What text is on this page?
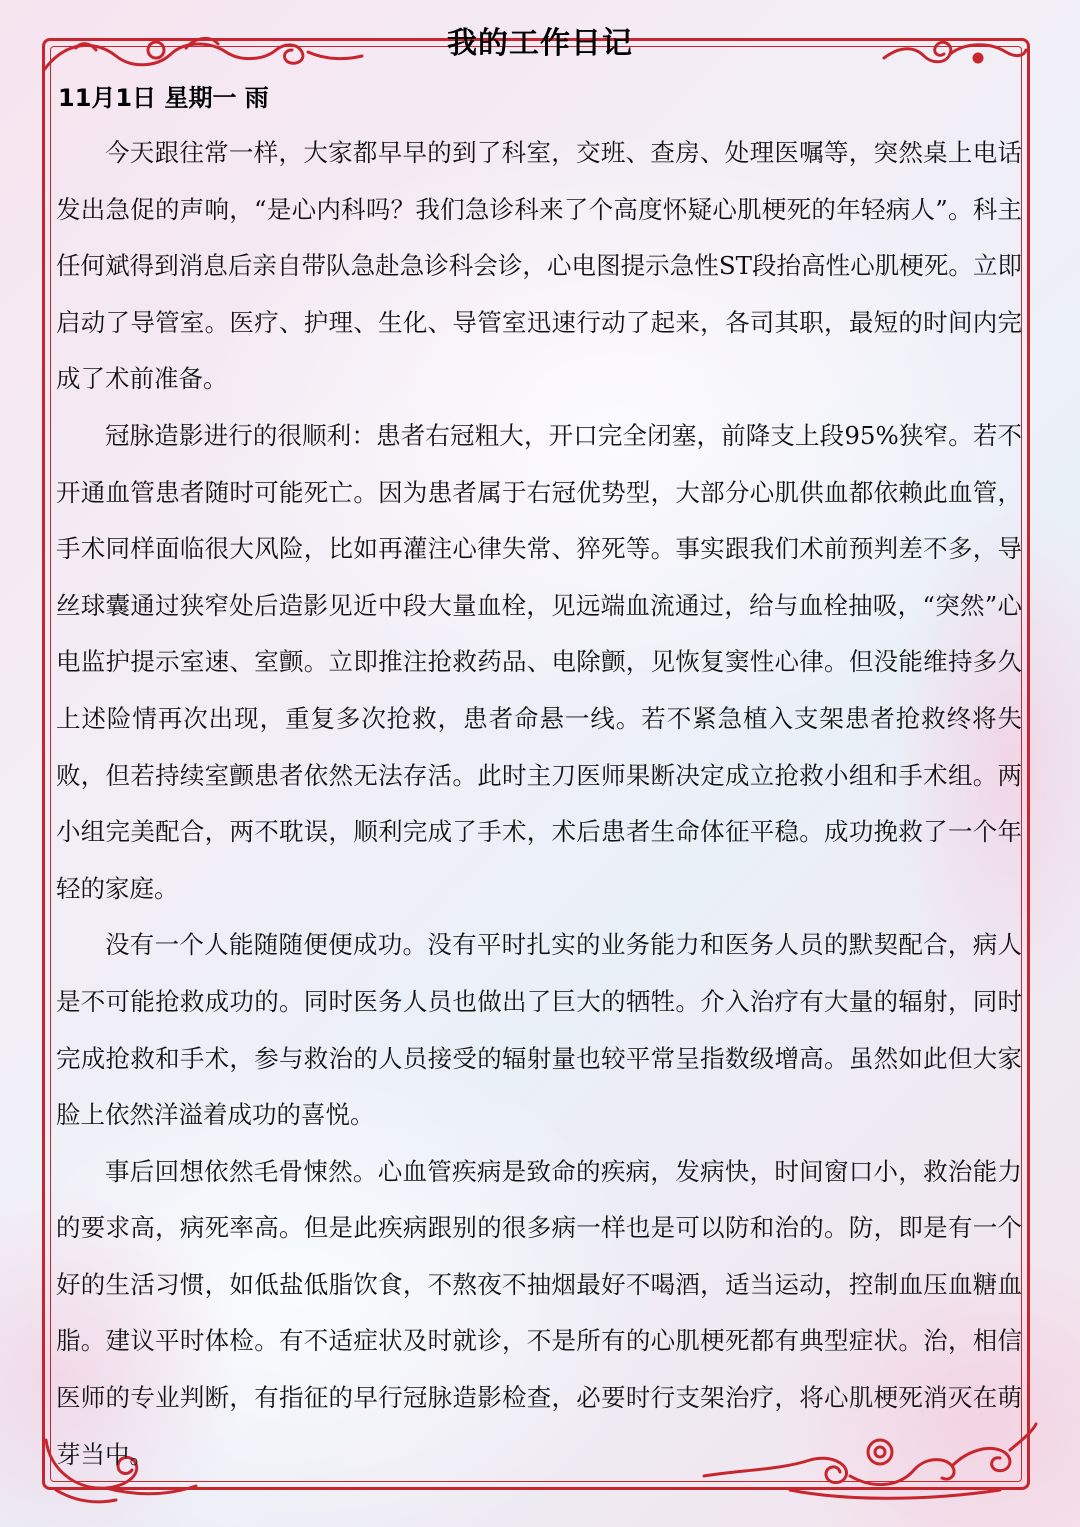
我的工作日记
11月1日 星期一 雨

今天跟往常一样，大家都早早的到了科室，交班、查房、处理医嘱等，突然桌上电话发出急促的声响，“是心内科吗？我们急诊科来了个高度怀疑心肌梗死的年轻病人”。科主任何斌得到消息后亲自带队急赴急诊科会诊，心电图提示急性ST段抬高性心肌梗死。立即启动了导管室。医疗、护理、生化、导管室迅速行动了起来，各司其职，最短的时间内完成了术前准备。

冠脉造影进行的很顺利：患者右冠粗大，开口完全闭塞，前降支上段95%狭窄。若不开通血管患者随时可能死亡。因为患者属于右冠优势型，大部分心肌供血都依赖此血管，手术同样面临很大风险，比如再灌注心律失常、猝死等。事实跟我们术前预判差不多，导丝球囊通过狭窄处后造影见近中段大量血栓，见远端血流通过，给与血栓抽吸，“突然”心电监护提示室速、室颤。立即推注抢救药品、电除颤，见恢复窦性心律。但没能维持多久上述险情再次出现，重复多次抢救，患者命悬一线。若不紧急植入支架患者抢救终将失败，但若持续室颤患者依然无法存活。此时主刀医师果断决定成立抢救小组和手术组。两小组完美配合，两不耽误，顺利完成了手术，术后患者生命体征平稳。成功挽救了一个年轻的家庭。

没有一个人能随随便便成功。没有平时扎实的业务能力和医务人员的默契配合，病人是不可能抢救成功的。同时医务人员也做出了巨大的牺牲。介入治疗有大量的辐射，同时完成抢救和手术，参与救治的人员接受的辐射量也较平常呈指数级增高。虽然如此但大家脸上依然洋溢着成功的喜悦。

事后回想依然毛骨悚然。心血管疾病是致命的疾病，发病快，时间窗口小，救治能力的要求高，病死率高。但是此疾病跟别的很多病一样也是可以防和治的。防，即是有一个好的生活习惯，如低盐低脂饮食，不熬夜不抽烟最好不喝酒，适当运动，控制血压血糖血脂。建议平时体检。有不适症状及时就诊，不是所有的心肌梗死都有典型症状。治，相信医师的专业判断，有指征的早行冠脉造影检查，必要时行支架治疗，将心肌梗死消灭在萌芽当中。
